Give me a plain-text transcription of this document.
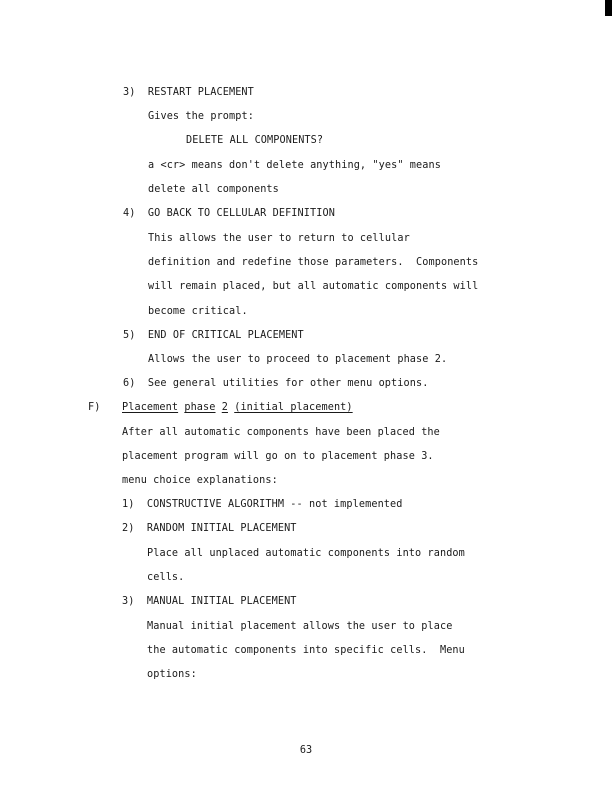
3)  RESTART PLACEMENT
Gives the prompt:
DELETE ALL COMPONENTS?
a <cr> means don't delete anything, "yes" means
delete all components
4)  GO BACK TO CELLULAR DEFINITION
This allows the user to return to cellular
definition and redefine those parameters.  Components
will remain placed, but all automatic components will
become critical.
5)  END OF CRITICAL PLACEMENT
Allows the user to proceed to placement phase 2.
6)  See general utilities for other menu options.
F) Placement phase 2 (initial placement)
After all automatic components have been placed the
placement program will go on to placement phase 3.
menu choice explanations:
1)  CONSTRUCTIVE ALGORITHM -- not implemented
2)  RANDOM INITIAL PLACEMENT
Place all unplaced automatic components into random
cells.
3)  MANUAL INITIAL PLACEMENT
Manual initial placement allows the user to place
the automatic components into specific cells.  Menu
options:
63
